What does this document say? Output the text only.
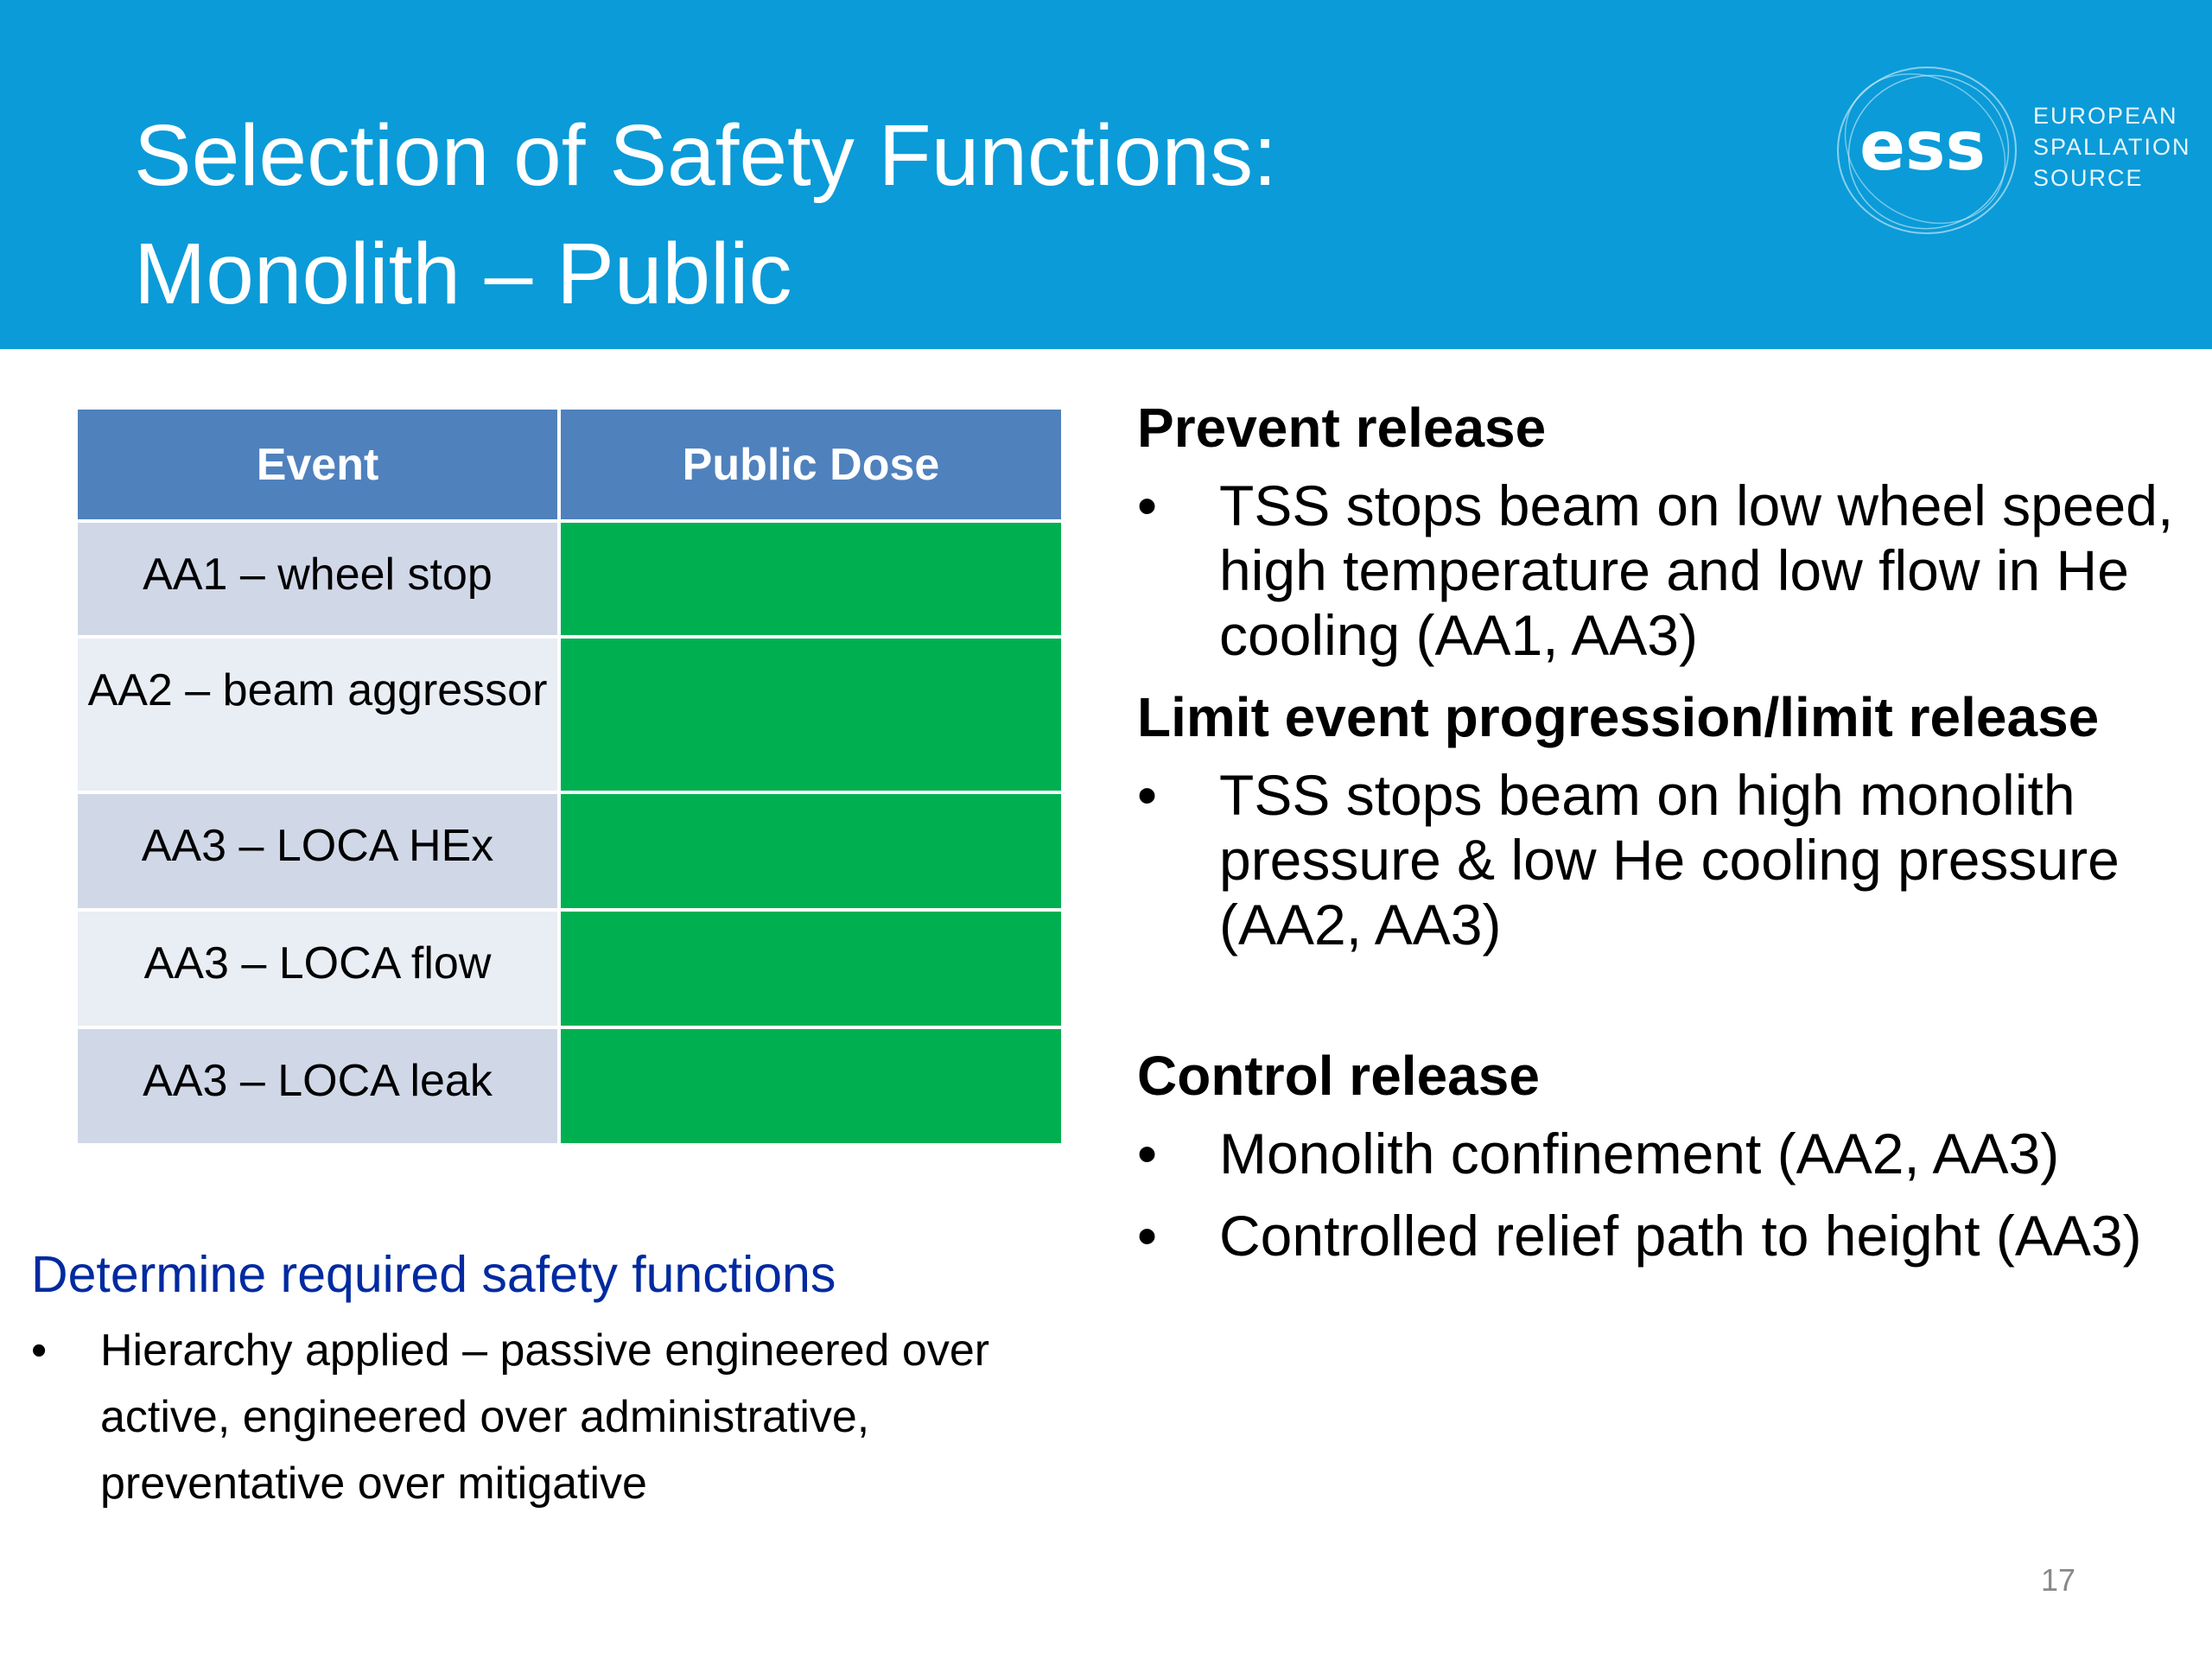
Selection of Safety Functions:
Monolith – Public
ess EUROPEAN
SPALLATION
SOURCE
Event	Public Dose
AA1 – wheel stop	
AA2 – beam aggressor	
AA3 – LOCA HEx	
AA3 – LOCA flow	
AA3 – LOCA leak	
Determine required safety functions
• Hierarchy applied – passive engineered over active, engineered over administrative, preventative over mitigative
Prevent release
• TSS stops beam on low wheel speed, high temperature and low flow in He cooling (AA1, AA3)
Limit event progression/limit release
• TSS stops beam on high monolith pressure & low He cooling pressure (AA2, AA3)
Control release
• Monolith confinement (AA2, AA3)
• Controlled relief path to height (AA3)
17
